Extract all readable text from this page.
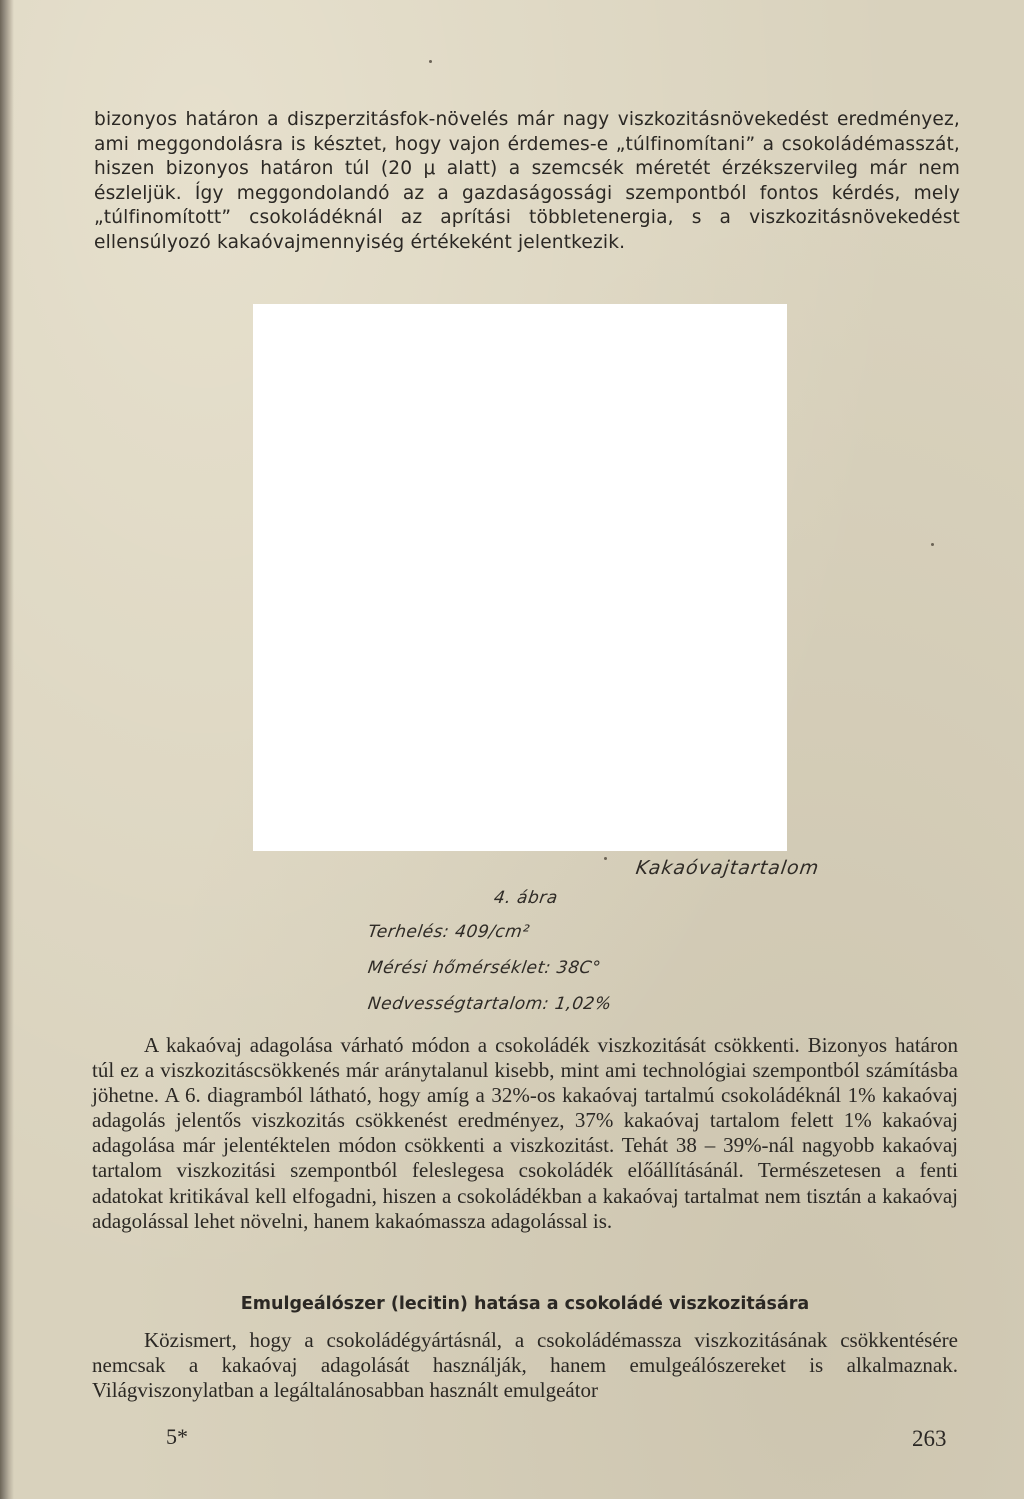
bizonyos határon a diszperzitásfok-növelés már nagy viszkozitásnövekedést eredményez, ami meggondolásra is késztet, hogy vajon érdemes-e „túlfinomítani” a csokoládémasszát, hiszen bizonyos határon túl (20 μ alatt) a szemcsék méretét érzékszervileg már nem észleljük. Így meggondolandó az a gazdaságossági szempontból fontos kérdés, mely „túlfinomított” csokoládéknál az aprítási többletenergia, s a viszkozitásnövekedést ellensúlyozó kakaóvajmennyiség értékeként jelentkezik.

Kakaóvajtartalom

4. ábra

Terhelés: 409/cm²

Mérési hőmérséklet: 38C°

Nedvességtartalom: 1,02%

A kakaóvaj adagolása várható módon a csokoládék viszkozitását csökkenti. Bizonyos határon túl ez a viszkozitáscsökkenés már aránytalanul kisebb, mint ami technológiai szempontból számításba jöhetne. A 6. diagramból látható, hogy amíg a 32%-os kakaóvaj tartalmú csokoládéknál 1% kakaóvaj adagolás jelentős viszkozitás csökkenést eredményez, 37% kakaóvaj tartalom felett 1% kakaóvaj adagolása már jelentéktelen módon csökkenti a viszkozitást. Tehát 38 – 39%-nál nagyobb kakaóvaj tartalom viszkozitási szempontból feleslegesa csokoládék előállításánál. Természetesen a fenti adatokat kritikával kell elfogadni, hiszen a csokoládékban a kakaóvaj tartalmat nem tisztán a kakaóvaj adagolással lehet növelni, hanem kakaómassza adagolással is.

Emulgeálószer (lecitin) hatása a csokoládé viszkozitására

Közismert, hogy a csokoládégyártásnál, a csokoládémassza viszkozitásának csökkentésére nemcsak a kakaóvaj adagolását használják, hanem emulgeálószereket is alkalmaznak. Világviszonylatban a legáltalánosabban használt emulgeátor

5*	263
